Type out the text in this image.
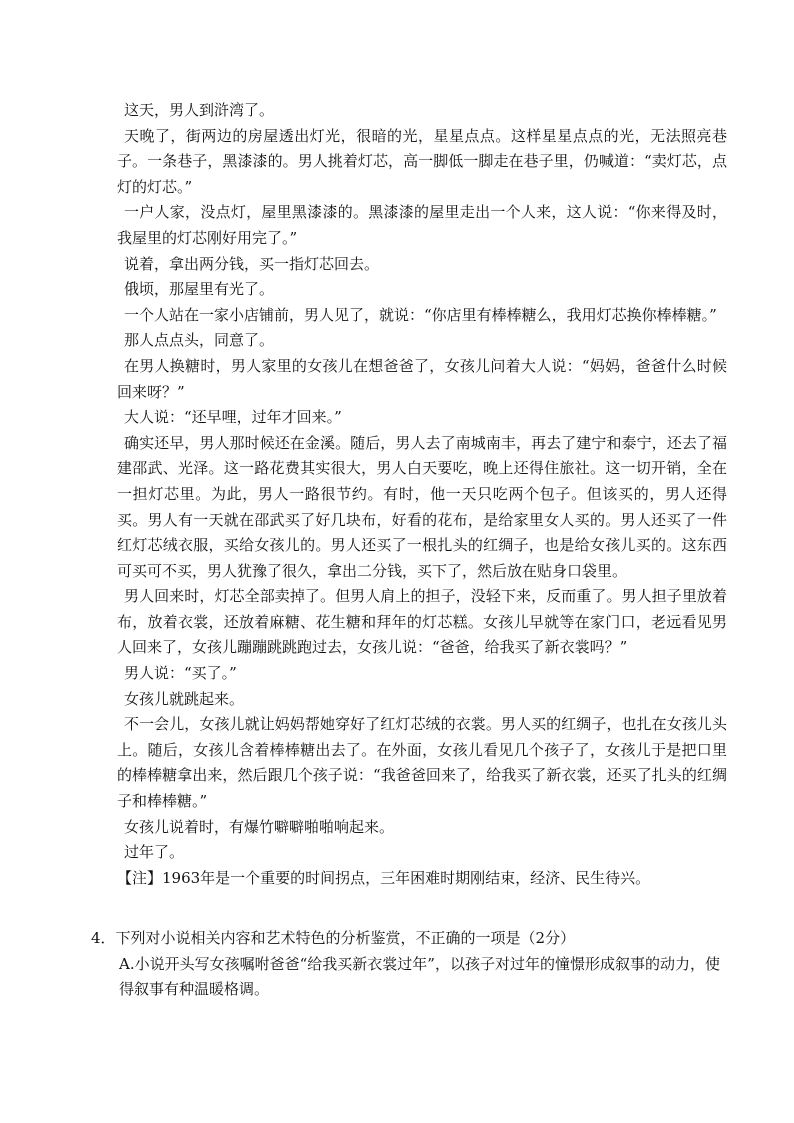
这天，男人到浒湾了。

天晚了，街两边的房屋透出灯光，很暗的光，星星点点。这样星星点点的光，无法照亮巷子。一条巷子，黑漆漆的。男人挑着灯芯，高一脚低一脚走在巷子里，仍喊道：“卖灯芯，点灯的灯芯。”

一户人家，没点灯，屋里黑漆漆的。黑漆漆的屋里走出一个人来，这人说：“你来得及时，我屋里的灯芯刚好用完了。”

说着，拿出两分钱，买一指灯芯回去。

俄顷，那屋里有光了。

一个人站在一家小店铺前，男人见了，就说：“你店里有棒棒糖么，我用灯芯换你棒棒糖。”

那人点点头，同意了。

在男人换糖时，男人家里的女孩儿在想爸爸了，女孩儿问着大人说：“妈妈，爸爸什么时候回来呀？”

大人说：“还早哩，过年才回来。”

确实还早，男人那时候还在金溪。随后，男人去了南城南丰，再去了建宁和泰宁，还去了福建邵武、光泽。这一路花费其实很大，男人白天要吃，晚上还得住旅社。这一切开销，全在一担灯芯里。为此，男人一路很节约。有时，他一天只吃两个包子。但该买的，男人还得买。男人有一天就在邵武买了好几块布，好看的花布，是给家里女人买的。男人还买了一件红灯芯绒衣服，买给女孩儿的。男人还买了一根扎头的红绸子，也是给女孩儿买的。这东西可买可不买，男人犹豫了很久，拿出二分钱，买下了，然后放在贴身口袋里。

男人回来时，灯芯全部卖掉了。但男人肩上的担子，没轻下来，反而重了。男人担子里放着布，放着衣裳，还放着麻糖、花生糖和拜年的灯芯糕。女孩儿早就等在家门口，老远看见男人回来了，女孩儿蹦蹦跳跳跑过去，女孩儿说：“爸爸，给我买了新衣裳吗？”

男人说：“买了。”

女孩儿就跳起来。

不一会儿，女孩儿就让妈妈帮她穿好了红灯芯绒的衣裳。男人买的红绸子，也扎在女孩儿头上。随后，女孩儿含着棒棒糖出去了。在外面，女孩儿看见几个孩子了，女孩儿于是把口里的棒棒糖拿出来，然后跟几个孩子说：“我爸爸回来了，给我买了新衣裳，还买了扎头的红绸子和棒棒糖。”

女孩儿说着时，有爆竹噼噼啪啪响起来。

过年了。

【注】1963年是一个重要的时间拐点，三年困难时期刚结束，经济、民生待兴。

4．下列对小说相关内容和艺术特色的分析鉴赏，不正确的一项是（2分）

A.小说开头写女孩嘱咐爸爸“给我买新衣裳过年”，以孩子对过年的憧憬形成叙事的动力，使得叙事有种温暖格调。
